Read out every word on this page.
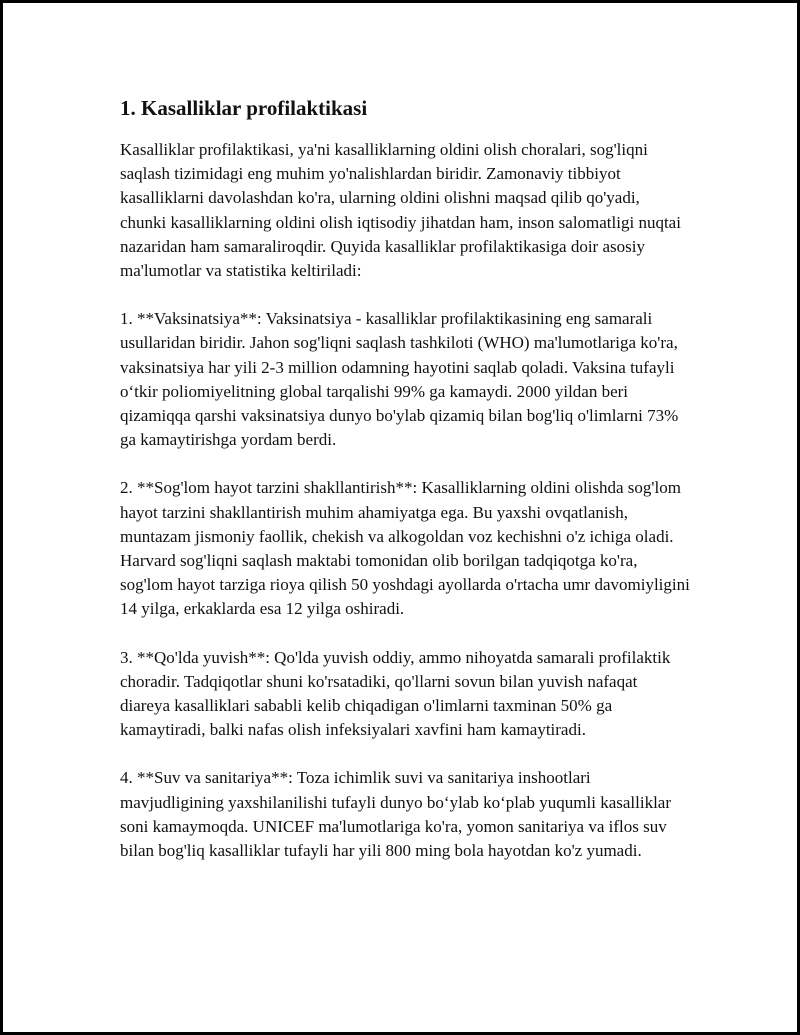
1. Kasalliklar profilaktikasi

Kasalliklar profilaktikasi, ya'ni kasalliklarning oldini olish choralari, sog'liqni saqlash tizimidagi eng muhim yo'nalishlardan biridir. Zamonaviy tibbiyot kasalliklarni davolashdan ko'ra, ularning oldini olishni maqsad qilib qo'yadi, chunki kasalliklarning oldini olish iqtisodiy jihatdan ham, inson salomatligi nuqtai nazaridan ham samaraliroqdir. Quyida kasalliklar profilaktikasiga doir asosiy ma'lumotlar va statistika keltiriladi:

1. **Vaksinatsiya**: Vaksinatsiya - kasalliklar profilaktikasining eng samarali usullaridan biridir. Jahon sog'liqni saqlash tashkiloti (WHO) ma'lumotlariga ko'ra, vaksinatsiya har yili 2-3 million odamning hayotini saqlab qoladi. Vaksina tufayli o‘tkir poliomiyelitning global tarqalishi 99% ga kamaydi. 2000 yildan beri qizamiqqa qarshi vaksinatsiya dunyo bo'ylab qizamiq bilan bog'liq o'limlarni 73% ga kamaytirishga yordam berdi.

2. **Sog'lom hayot tarzini shakllantirish**: Kasalliklarning oldini olishda sog'lom hayot tarzini shakllantirish muhim ahamiyatga ega. Bu yaxshi ovqatlanish, muntazam jismoniy faollik, chekish va alkogoldan voz kechishni o'z ichiga oladi. Harvard sog'liqni saqlash maktabi tomonidan olib borilgan tadqiqotga ko'ra, sog'lom hayot tarziga rioya qilish 50 yoshdagi ayollarda o'rtacha umr davomiyligini 14 yilga, erkaklarda esa 12 yilga oshiradi.

3. **Qo'lda yuvish**: Qo'lda yuvish oddiy, ammo nihoyatda samarali profilaktik choradir. Tadqiqotlar shuni ko'rsatadiki, qo'llarni sovun bilan yuvish nafaqat diareya kasalliklari sababli kelib chiqadigan o'limlarni taxminan 50% ga kamaytiradi, balki nafas olish infeksiyalari xavfini ham kamaytiradi.

4. **Suv va sanitariya**: Toza ichimlik suvi va sanitariya inshootlari mavjudligining yaxshilanilishi tufayli dunyo bo‘ylab ko‘plab yuqumli kasalliklar soni kamaymoqda. UNICEF ma'lumotlariga ko'ra, yomon sanitariya va iflos suv bilan bog'liq kasalliklar tufayli har yili 800 ming bola hayotdan ko'z yumadi.
